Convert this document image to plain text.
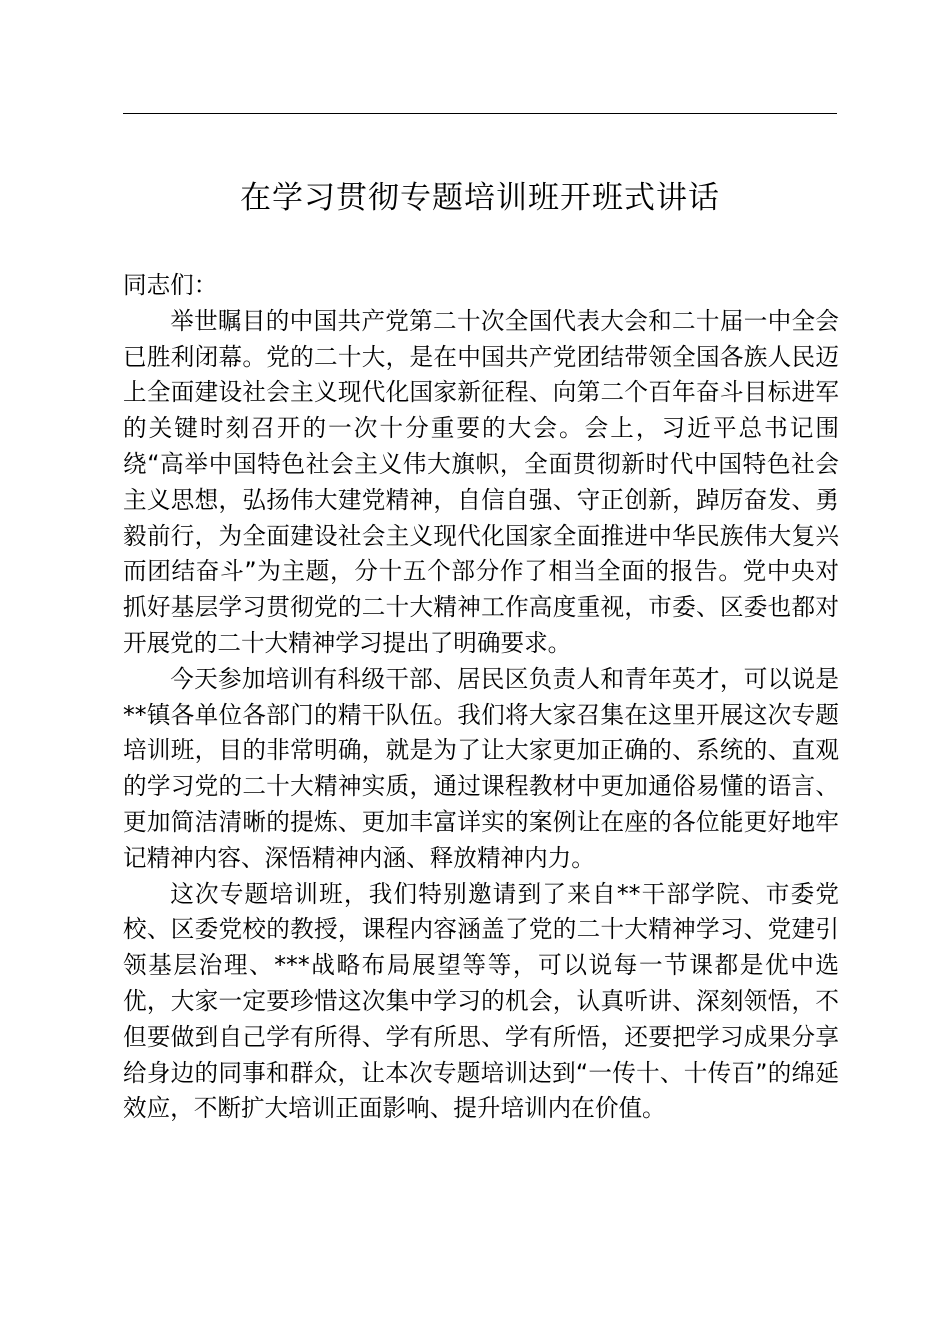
在学习贯彻专题培训班开班式讲话

同志们：

举世瞩目的中国共产党第二十次全国代表大会和二十届一中全会已胜利闭幕。党的二十大，是在中国共产党团结带领全国各族人民迈上全面建设社会主义现代化国家新征程、向第二个百年奋斗目标进军的关键时刻召开的一次十分重要的大会。会上，习近平总书记围绕“高举中国特色社会主义伟大旗帜，全面贯彻新时代中国特色社会主义思想，弘扬伟大建党精神，自信自强、守正创新，踔厉奋发、勇毅前行，为全面建设社会主义现代化国家全面推进中华民族伟大复兴而团结奋斗”为主题，分十五个部分作了相当全面的报告。党中央对抓好基层学习贯彻党的二十大精神工作高度重视，市委、区委也都对开展党的二十大精神学习提出了明确要求。

今天参加培训有科级干部、居民区负责人和青年英才，可以说是**镇各单位各部门的精干队伍。我们将大家召集在这里开展这次专题培训班，目的非常明确，就是为了让大家更加正确的、系统的、直观的学习党的二十大精神实质，通过课程教材中更加通俗易懂的语言、更加简洁清晰的提炼、更加丰富详实的案例让在座的各位能更好地牢记精神内容、深悟精神内涵、释放精神内力。

这次专题培训班，我们特别邀请到了来自**干部学院、市委党校、区委党校的教授，课程内容涵盖了党的二十大精神学习、党建引领基层治理、***战略布局展望等等，可以说每一节课都是优中选优，大家一定要珍惜这次集中学习的机会，认真听讲、深刻领悟，不但要做到自己学有所得、学有所思、学有所悟，还要把学习成果分享给身边的同事和群众，让本次专题培训达到“一传十、十传百”的绵延效应，不断扩大培训正面影响、提升培训内在价值。
